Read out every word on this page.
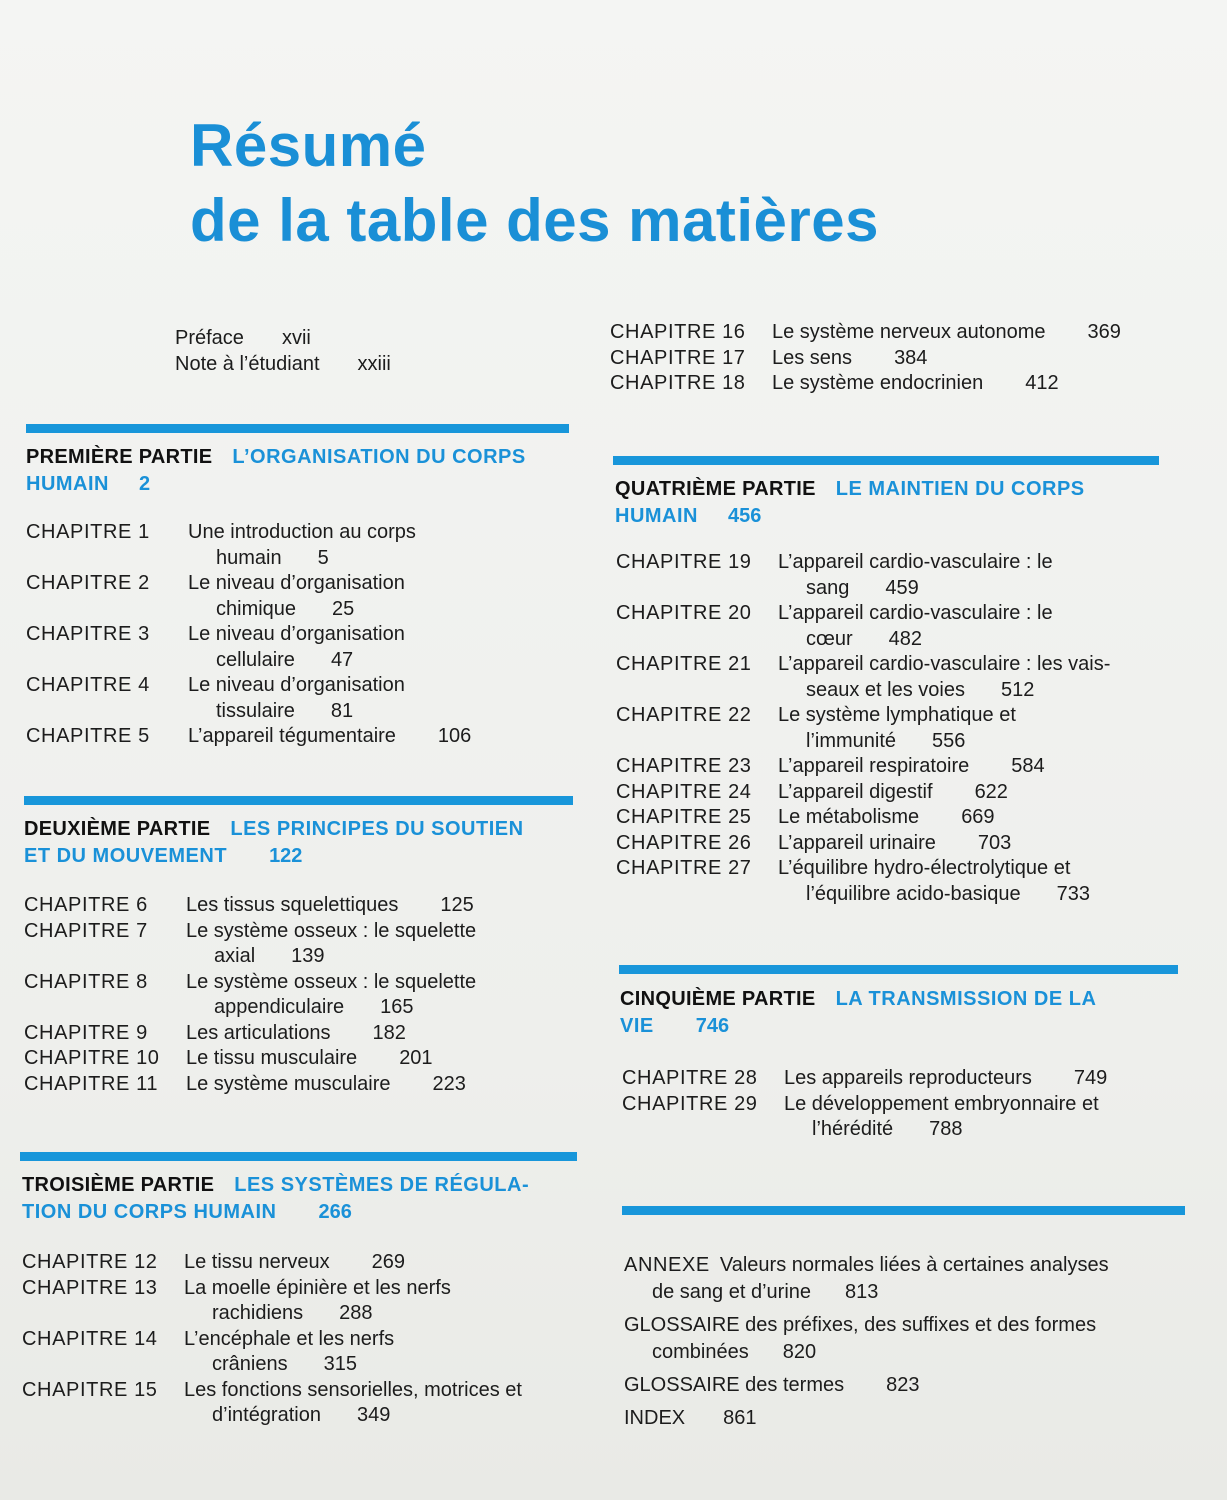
Résumé
de la table des matières
Préface xvii
Note à l’étudiant xxiii
PREMIÈRE PARTIE L’ORGANISATION DU CORPS
HUMAIN 2
CHAPITRE 1	Une introduction au corps
humain 5
CHAPITRE 2	Le niveau d’organisation
chimique 25
CHAPITRE 3	Le niveau d’organisation
cellulaire 47
CHAPITRE 4	Le niveau d’organisation
tissulaire 81
CHAPITRE 5	L’appareil tégumentaire 106
DEUXIÈME PARTIE LES PRINCIPES DU SOUTIEN
ET DU MOUVEMENT 122
CHAPITRE 6	Les tissus squelettiques 125
CHAPITRE 7	Le système osseux : le squelette
axial 139
CHAPITRE 8	Le système osseux : le squelette
appendiculaire 165
CHAPITRE 9	Les articulations 182
CHAPITRE 10	Le tissu musculaire 201
CHAPITRE 11	Le système musculaire 223
TROISIÈME PARTIE LES SYSTÈMES DE RÉGULA-
TION DU CORPS HUMAIN 266
CHAPITRE 12	Le tissu nerveux 269
CHAPITRE 13	La moelle épinière et les nerfs
rachidiens 288
CHAPITRE 14	L’encéphale et les nerfs
crâniens 315
CHAPITRE 15	Les fonctions sensorielles, motrices et
d’intégration 349
CHAPITRE 16	Le système nerveux autonome 369
CHAPITRE 17	Les sens 384
CHAPITRE 18	Le système endocrinien 412
QUATRIÈME PARTIE LE MAINTIEN DU CORPS
HUMAIN 456
CHAPITRE 19	L’appareil cardio-vasculaire : le
sang 459
CHAPITRE 20	L’appareil cardio-vasculaire : le
cœur 482
CHAPITRE 21	L’appareil cardio-vasculaire : les vais-
seaux et les voies 512
CHAPITRE 22	Le système lymphatique et
l’immunité 556
CHAPITRE 23	L’appareil respiratoire 584
CHAPITRE 24	L’appareil digestif 622
CHAPITRE 25	Le métabolisme 669
CHAPITRE 26	L’appareil urinaire 703
CHAPITRE 27	L’équilibre hydro-électrolytique et
l’équilibre acido-basique 733
CINQUIÈME PARTIE LA TRANSMISSION DE LA
VIE 746
CHAPITRE 28	Les appareils reproducteurs 749
CHAPITRE 29	Le développement embryonnaire et
l’hérédité 788
ANNEXE Valeurs normales liées à certaines analyses
de sang et d’urine 813
GLOSSAIRE des préfixes, des suffixes et des formes
combinées 820
GLOSSAIRE des termes 823
INDEX 861
